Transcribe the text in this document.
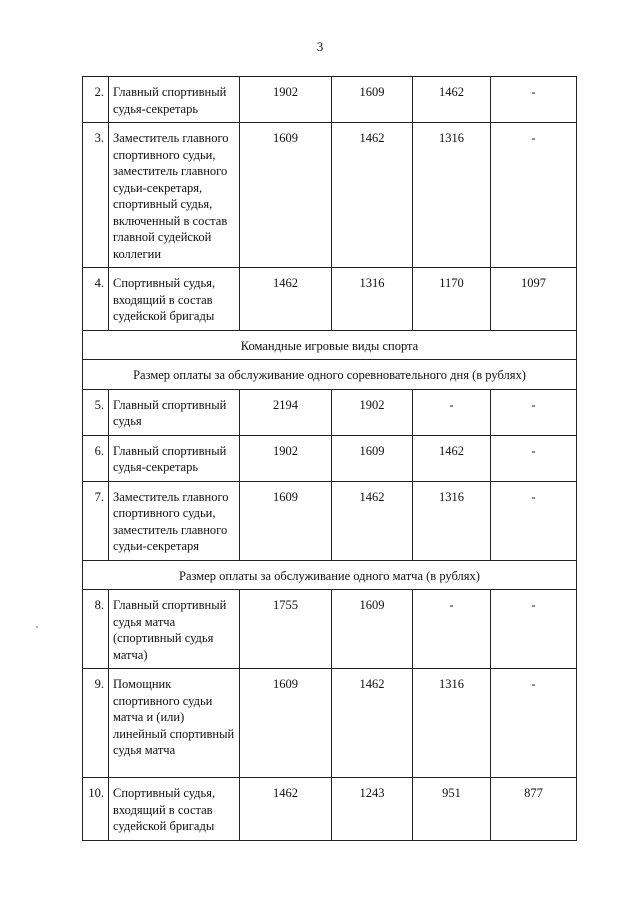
3
2.	Главный спортивный судья-секретарь	1902	1609	1462	-
3.	Заместитель главного спортивного судьи, заместитель главного судьи-секретаря, спортивный судья, включенный в состав главной судейской коллегии	1609	1462	1316	-
4.	Спортивный судья, входящий в состав судейской бригады	1462	1316	1170	1097
Командные игровые виды спорта					
Размер оплаты за обслуживание одного соревновательного дня (в рублях)					
5.	Главный спортивный судья	2194	1902	-	-
6.	Главный спортивный судья-секретарь	1902	1609	1462	-
7.	Заместитель главного спортивного судьи, заместитель главного судьи-секретаря	1609	1462	1316	-
Размер оплаты за обслуживание одного матча (в рублях)					
8.	Главный спортивный судья матча (спортивный судья матча)	1755	1609	-	-
9.	Помощник спортивного судьи матча и (или) линейный спортивный судья матча	1609	1462	1316	-
10.	Спортивный судья, входящий в состав судейской бригады	1462	1243	951	877
